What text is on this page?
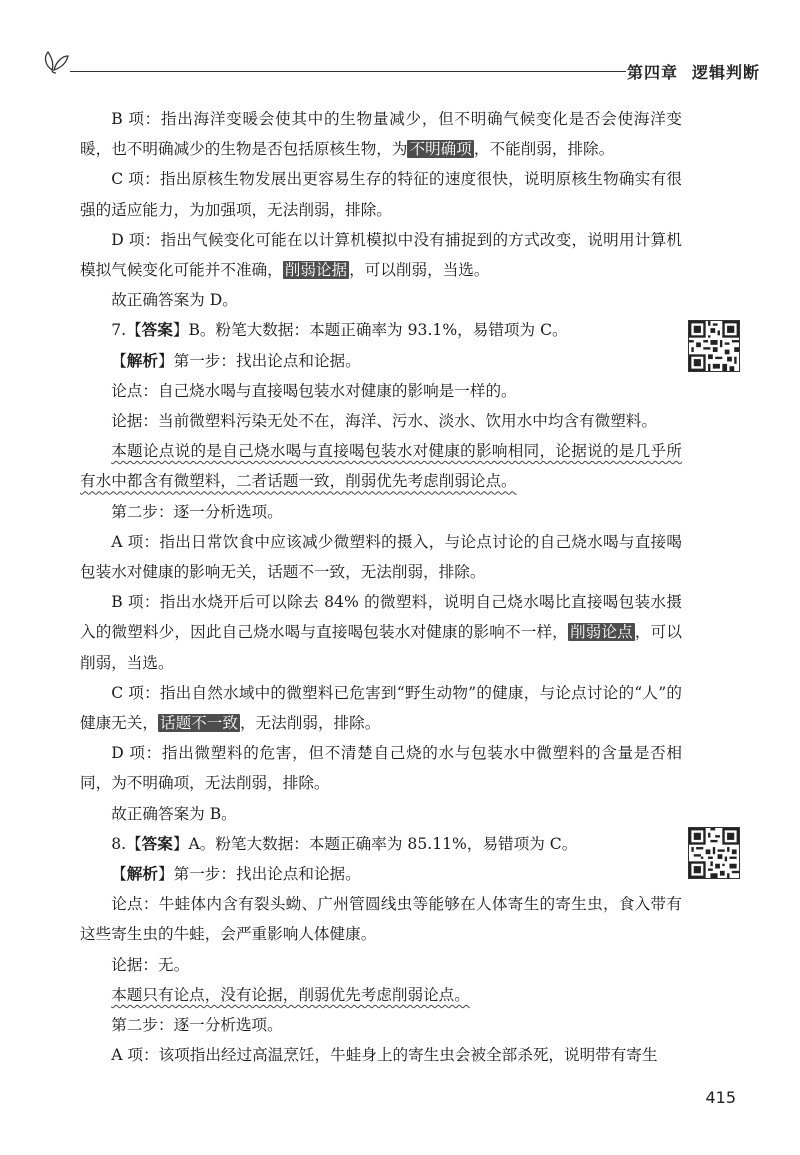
第四章 逻辑判断

B 项：指出海洋变暖会使其中的生物量减少，但不明确气候变化是否会使海洋变暖，也不明确减少的生物是否包括原核生物，为 不明确项 ，不能削弱，排除。

C 项：指出原核生物发展出更容易生存的特征的速度很快，说明原核生物确实有很强的适应能力，为加强项，无法削弱，排除。

D 项：指出气候变化可能在以计算机模拟中没有捕捉到的方式改变，说明用计算机模拟气候变化可能并不准确， 削弱论据 ，可以削弱，当选。

故正确答案为 D。

7.【答案】B。粉笔大数据：本题正确率为 93.1%，易错项为 C。

【解析】第一步：找出论点和论据。

论点：自己烧水喝与直接喝包装水对健康的影响是一样的。

论据：当前微塑料污染无处不在，海洋、污水、淡水、饮用水中均含有微塑料。

本题论点说的是自己烧水喝与直接喝包装水对健康的影响相同，论据说的是几乎所有水中都含有微塑料，二者话题一致，削弱优先考虑削弱论点。

第二步：逐一分析选项。

A 项：指出日常饮食中应该减少微塑料的摄入，与论点讨论的自己烧水喝与直接喝包装水对健康的影响无关，话题不一致，无法削弱，排除。

B 项：指出水烧开后可以除去 84% 的微塑料，说明自己烧水喝比直接喝包装水摄入的微塑料少，因此自己烧水喝与直接喝包装水对健康的影响不一样， 削弱论点 ，可以削弱，当选。

C 项：指出自然水域中的微塑料已危害到“野生动物”的健康，与论点讨论的“人”的健康无关， 话题不一致 ，无法削弱，排除。

D 项：指出微塑料的危害，但不清楚自己烧的水与包装水中微塑料的含量是否相同，为不明确项，无法削弱，排除。

故正确答案为 B。

8.【答案】A。粉笔大数据：本题正确率为 85.11%，易错项为 C。

【解析】第一步：找出论点和论据。

论点：牛蛙体内含有裂头蚴、广州管圆线虫等能够在人体寄生的寄生虫，食入带有这些寄生虫的牛蛙，会严重影响人体健康。

论据：无。

本题只有论点，没有论据，削弱优先考虑削弱论点。

第二步：逐一分析选项。

A 项：该项指出经过高温烹饪，牛蛙身上的寄生虫会被全部杀死，说明带有寄生

415
